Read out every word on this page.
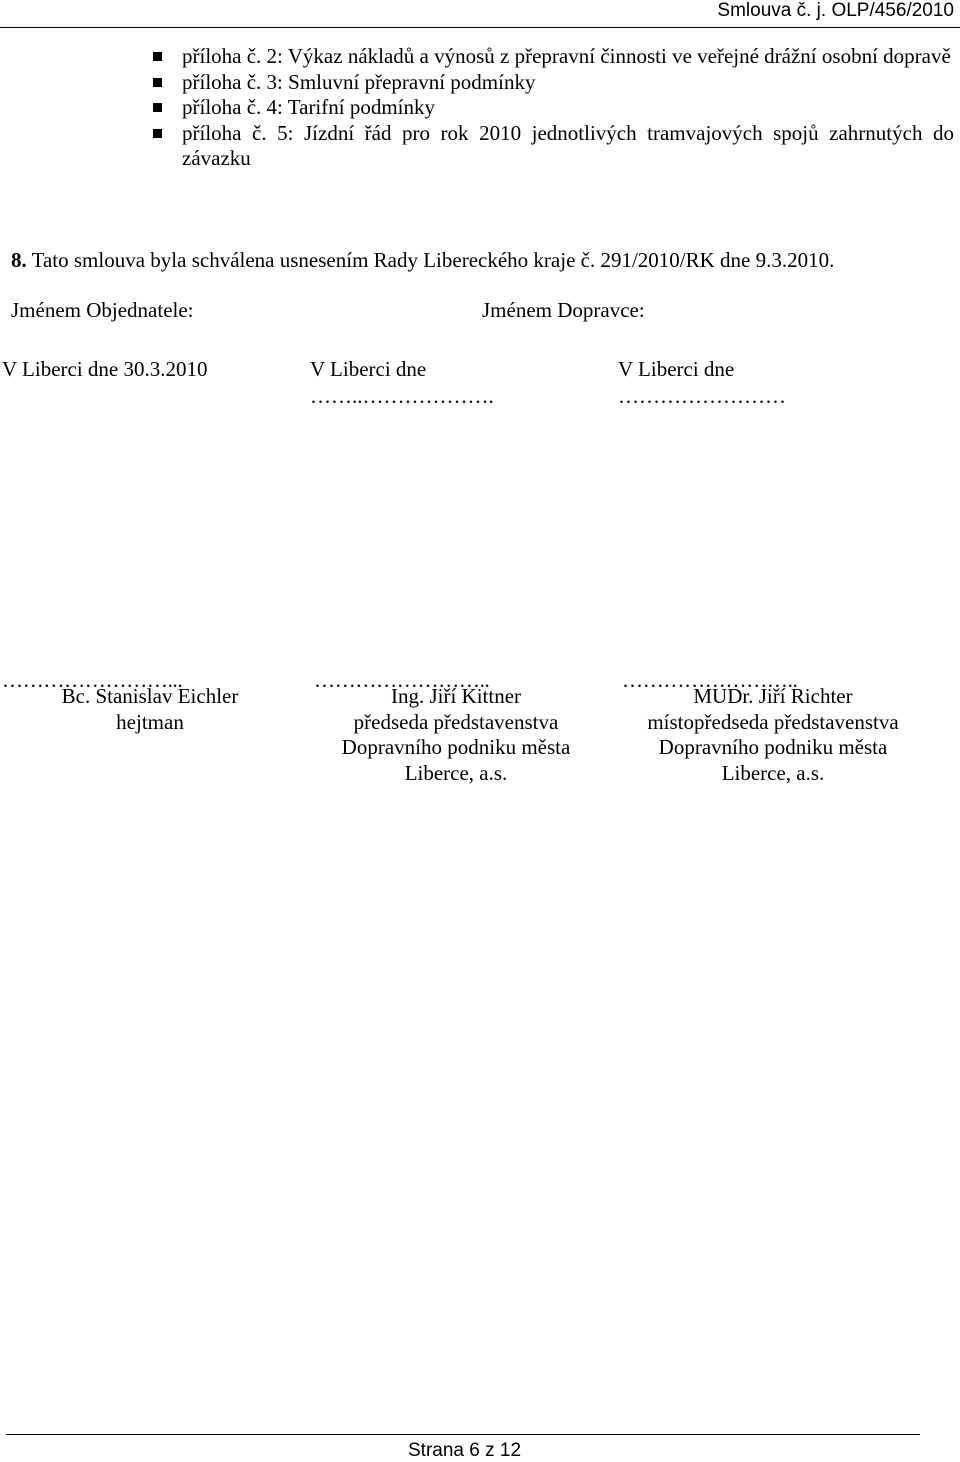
Smlouva č. j. OLP/456/2010
příloha č. 2: Výkaz nákladů a výnosů z přepravní činnosti ve veřejné drážní osobní dopravě
příloha č. 3: Smluvní přepravní podmínky
příloha č. 4: Tarifní podmínky
příloha č. 5: Jízdní řád pro rok 2010 jednotlivých tramvajových spojů zahrnutých do závazku
8. Tato smlouva byla schválena usnesením Rady Libereckého kraje č. 291/2010/RK dne 9.3.2010.
Jménem Objednatele:	Jménem Dopravce:
V Liberci dne 30.3.2010	V Liberci dne
……..……………….
V Liberci dne
……………………
……………………...	……………………..	……………………..
Bc. Stanislav Eichler
hejtman
Ing. Jiří Kittner
předseda představenstva
Dopravního podniku města
Liberce, a.s.
MUDr. Jiří Richter
místopředseda představenstva
Dopravního podniku města
Liberce, a.s.
Strana 6 z 12
